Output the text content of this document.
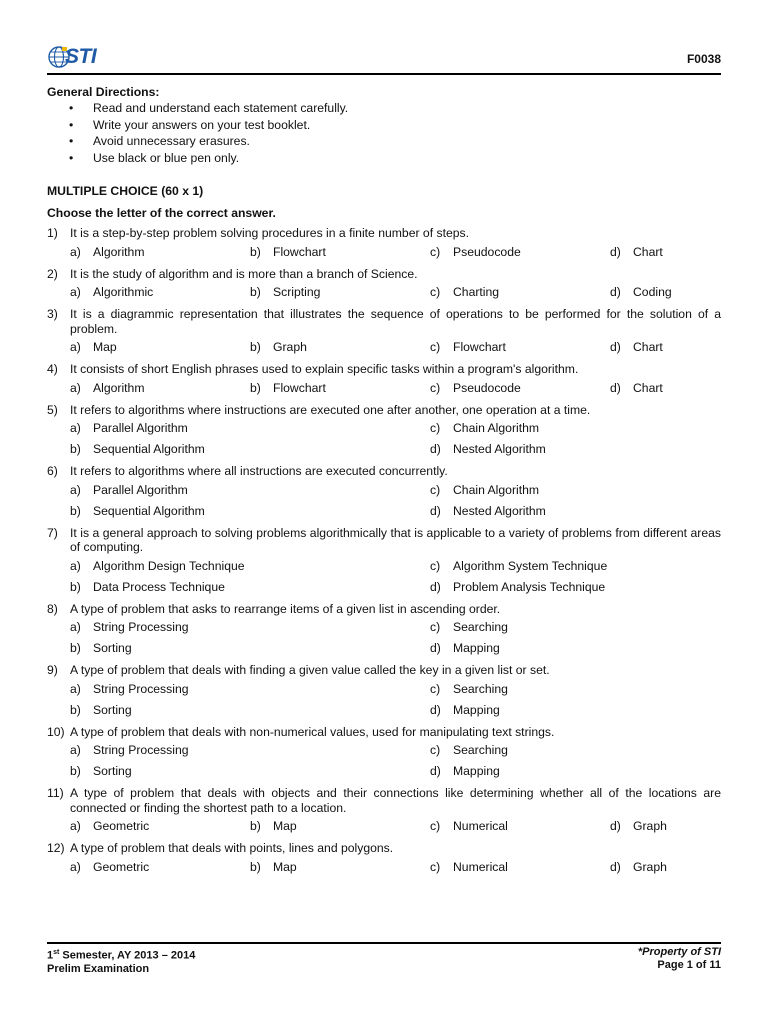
STI	F0038
General Directions:
• Read and understand each statement carefully.
• Write your answers on your test booklet.
• Avoid unnecessary erasures.
• Use black or blue pen only.
MULTIPLE CHOICE (60 x 1)
Choose the letter of the correct answer.
1) It is a step-by-step problem solving procedures in a finite number of steps.
a) Algorithm	b) Flowchart	c) Pseudocode	d) Chart
2) It is the study of algorithm and is more than a branch of Science.
a) Algorithmic	b) Scripting	c) Charting	d) Coding
3) It is a diagrammic representation that illustrates the sequence of operations to be performed for the solution of a problem.
a) Map	b) Graph	c) Flowchart	d) Chart
4) It consists of short English phrases used to explain specific tasks within a program's algorithm.
a) Algorithm	b) Flowchart	c) Pseudocode	d) Chart
5) It refers to algorithms where instructions are executed one after another, one operation at a time.
a) Parallel Algorithm	c) Chain Algorithm
b) Sequential Algorithm	d) Nested Algorithm
6) It refers to algorithms where all instructions are executed concurrently.
a) Parallel Algorithm	c) Chain Algorithm
b) Sequential Algorithm	d) Nested Algorithm
7) It is a general approach to solving problems algorithmically that is applicable to a variety of problems from different areas of computing.
a) Algorithm Design Technique	c) Algorithm System Technique
b) Data Process Technique	d) Problem Analysis Technique
8) A type of problem that asks to rearrange items of a given list in ascending order.
a) String Processing	c) Searching
b) Sorting	d) Mapping
9) A type of problem that deals with finding a given value called the key in a given list or set.
a) String Processing	c) Searching
b) Sorting	d) Mapping
10) A type of problem that deals with non-numerical values, used for manipulating text strings.
a) String Processing	c) Searching
b) Sorting	d) Mapping
11) A type of problem that deals with objects and their connections like determining whether all of the locations are connected or finding the shortest path to a location.
a) Geometric	b) Map	c) Numerical	d) Graph
12) A type of problem that deals with points, lines and polygons.
a) Geometric	b) Map	c) Numerical	d) Graph
1st Semester, AY 2013 – 2014
Prelim Examination
*Property of STI
Page 1 of 11
